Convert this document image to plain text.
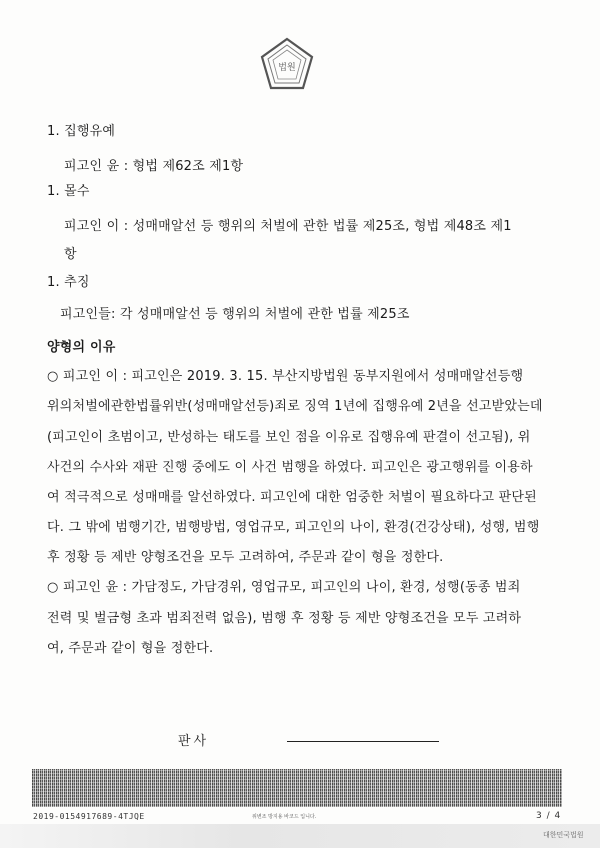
법원
1. 집행유예
피고인 윤 : 형법 제62조 제1항
1. 몰수
피고인 이 : 성매매알선 등 행위의 처벌에 관한 법률 제25조, 형법 제48조 제1
항
1. 추징
피고인들: 각 성매매알선 등 행위의 처벌에 관한 법률 제25조
양형의 이유
○ 피고인 이 : 피고인은 2019. 3. 15. 부산지방법원 동부지원에서 성매매알선등행
위의처벌에관한법률위반(성매매알선등)죄로 징역 1년에 집행유예 2년을 선고받았는데
(피고인이 초범이고, 반성하는 태도를 보인 점을 이유로 집행유예 판결이 선고됨), 위
사건의 수사와 재판 진행 중에도 이 사건 범행을 하였다. 피고인은 광고행위를 이용하
여 적극적으로 성매매를 알선하였다. 피고인에 대한 엄중한 처벌이 필요하다고 판단된
다. 그 밖에 범행기간, 범행방법, 영업규모, 피고인의 나이, 환경(건강상태), 성행, 범행
후 정황 등 제반 양형조건을 모두 고려하여, 주문과 같이 형을 정한다.
○ 피고인 윤 : 가담정도, 가담경위, 영업규모, 피고인의 나이, 환경, 성행(동종 범죄
전력 및 벌금형 초과 범죄전력 없음), 범행 후 정황 등 제반 양형조건을 모두 고려하
여, 주문과 같이 형을 정한다.
판사
2019-0154917689-4TJQE	위변조 방지용 바코드 입니다.	3 / 4
대한민국법원
